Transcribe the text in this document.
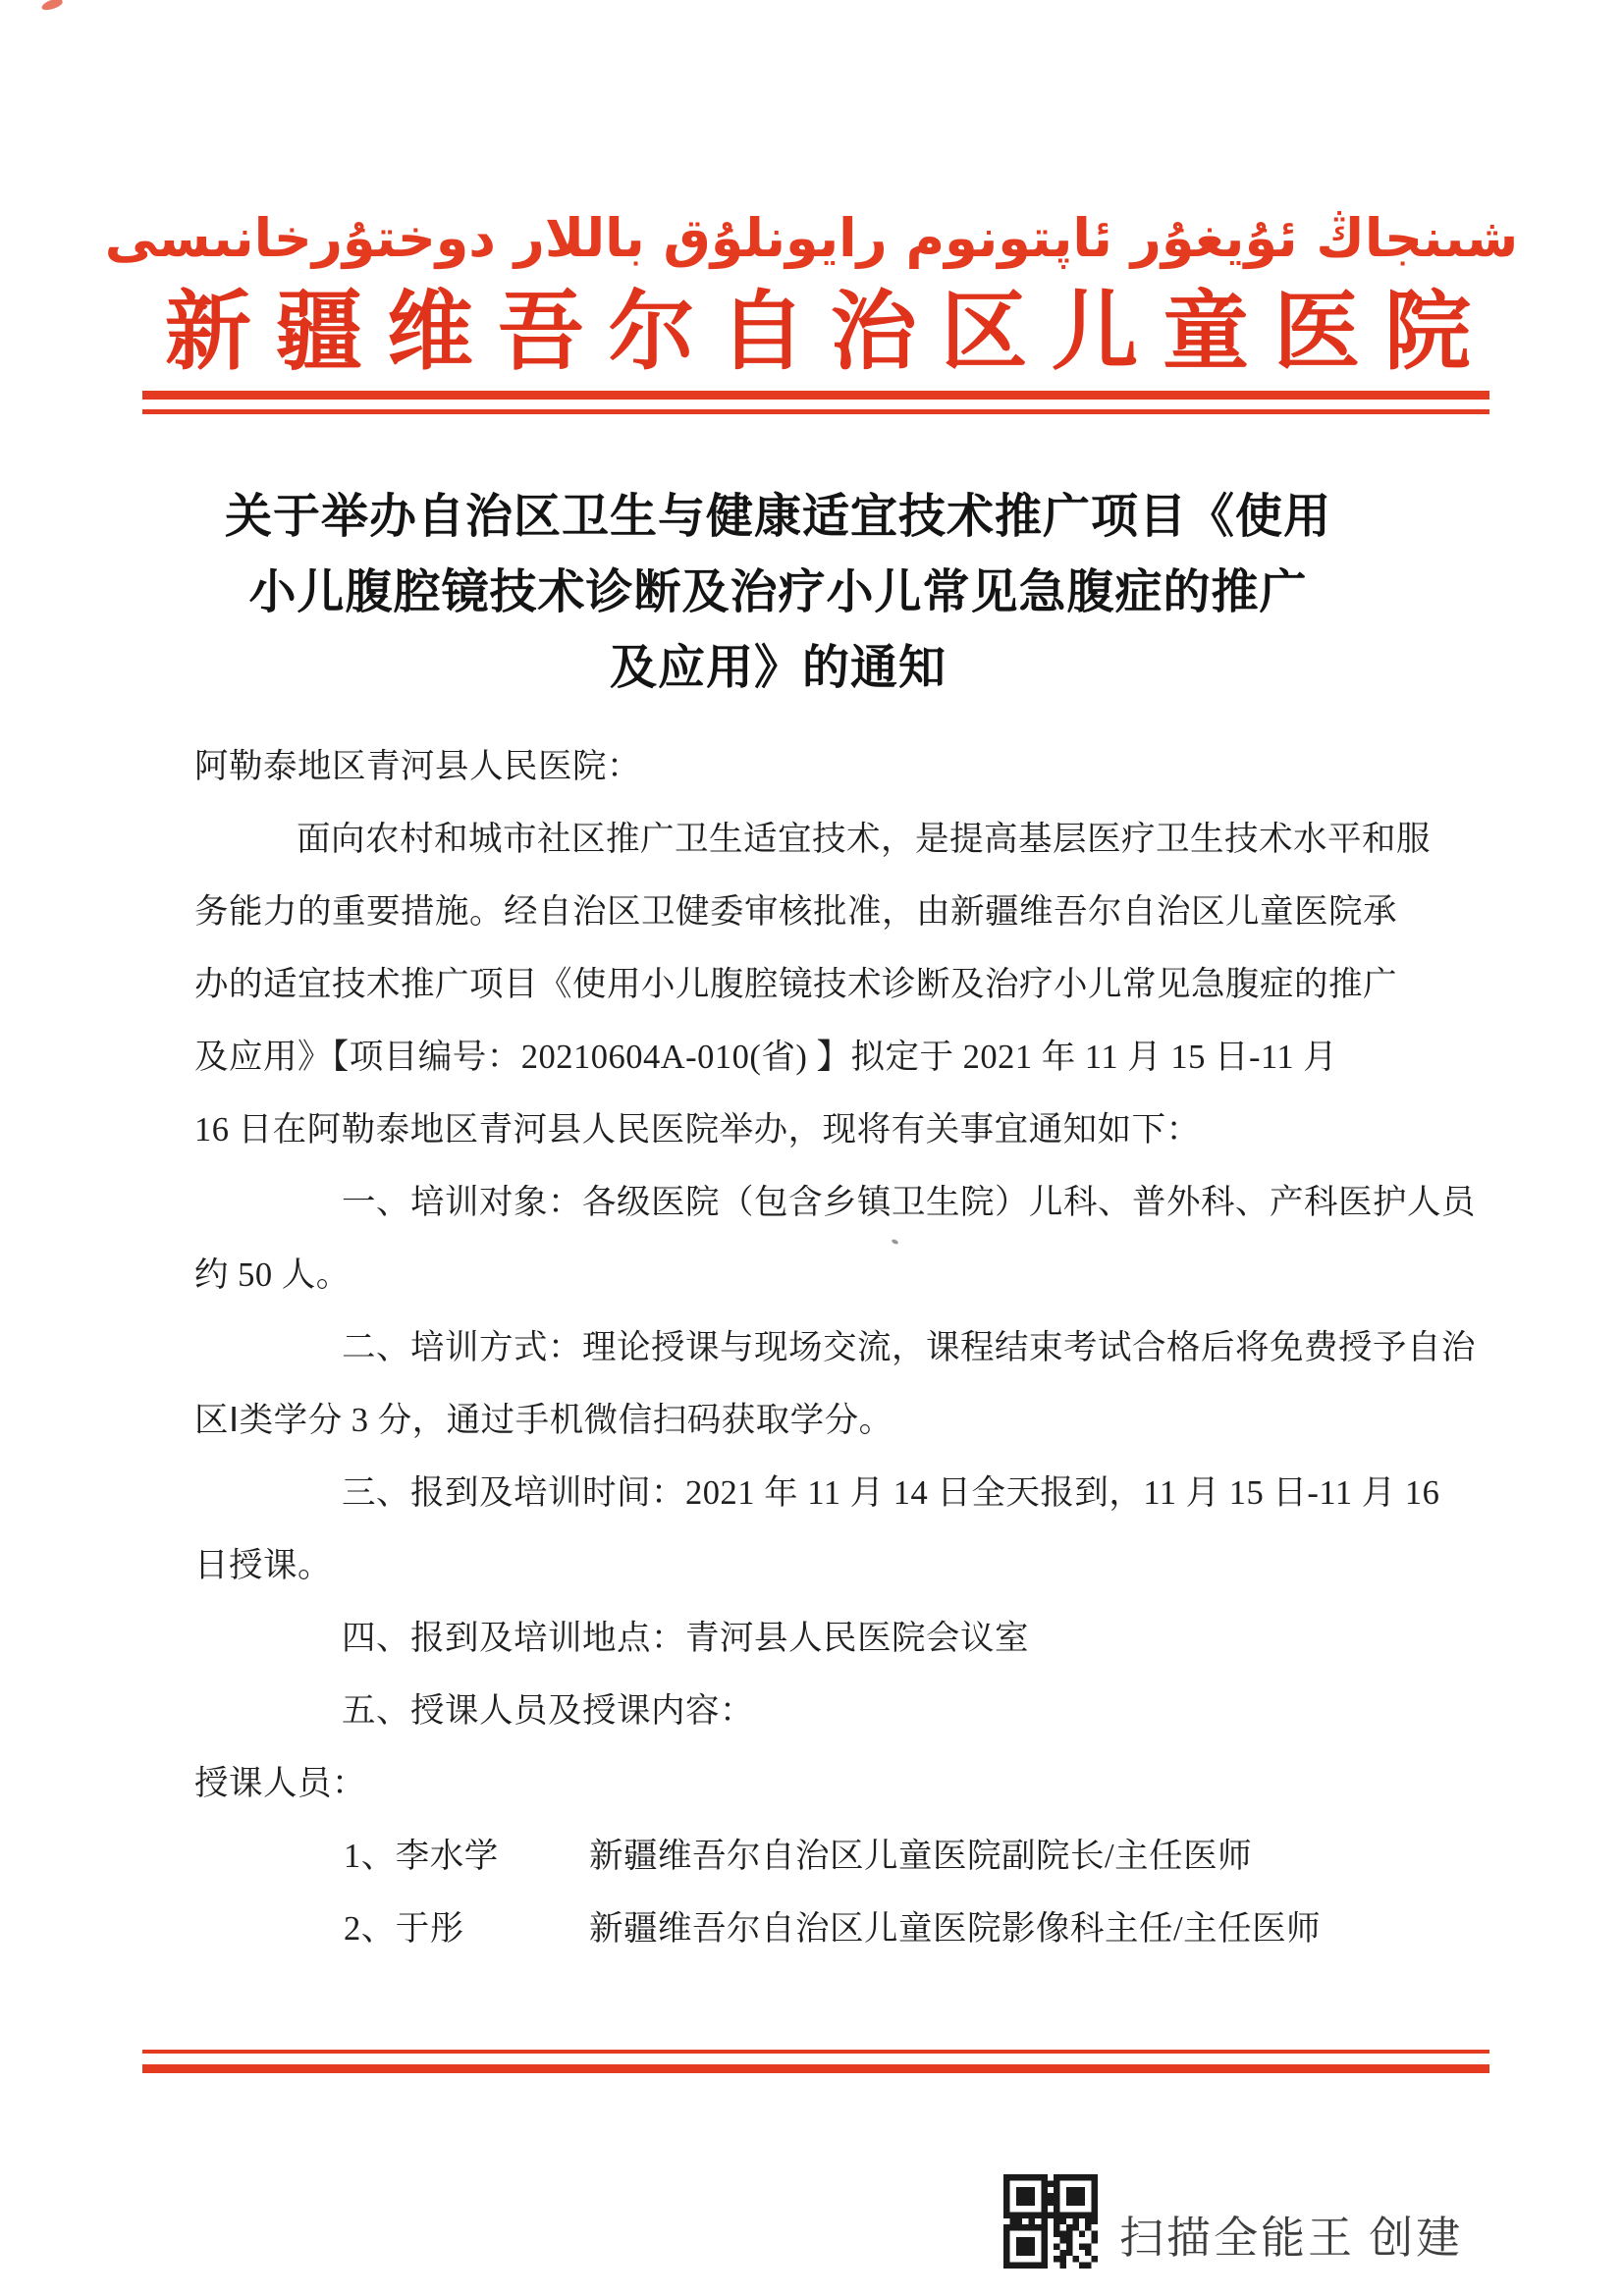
شىنجاڭ ئۇيغۇر ئاپتونوم رايونلۇق باللار دوختۇرخانىسى
新疆维吾尔自治区儿童医院
关于举办自治区卫生与健康适宜技术推广项目《使用
小儿腹腔镜技术诊断及治疗小儿常见急腹症的推广
及应用》的通知
阿勒泰地区青河县人民医院：
面向农村和城市社区推广卫生适宜技术，是提高基层医疗卫生技术水平和服
务能力的重要措施。经自治区卫健委审核批准，由新疆维吾尔自治区儿童医院承
办的适宜技术推广项目《使用小儿腹腔镜技术诊断及治疗小儿常见急腹症的推广
及应用》【项目编号：20210604A-010(省) 】拟定于 2021 年 11 月 15 日-11 月
16 日在阿勒泰地区青河县人民医院举办，现将有关事宜通知如下：
一、培训对象：各级医院（包含乡镇卫生院）儿科、普外科、产科医护人员
约 50 人。
二、培训方式：理论授课与现场交流，课程结束考试合格后将免费授予自治
区Ⅰ类学分 3 分，通过手机微信扫码获取学分。
三、报到及培训时间：2021 年 11 月 14 日全天报到，11 月 15 日-11 月 16
日授课。
四、报到及培训地点：青河县人民医院会议室
五、授课人员及授课内容：
授课人员：
1、李水学	新疆维吾尔自治区儿童医院副院长/主任医师
2、于彤	新疆维吾尔自治区儿童医院影像科主任/主任医师
扫描全能王 创建
